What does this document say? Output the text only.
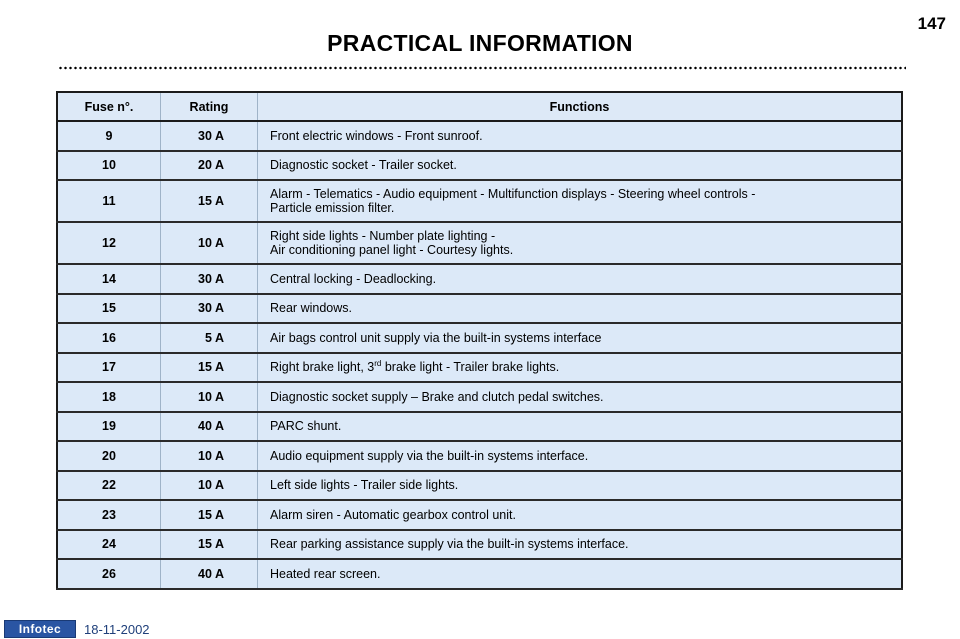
147
PRACTICAL INFORMATION
Fuse n°.	Rating	Functions
9	30 A	Front electric windows - Front sunroof.

10	20 A	Diagnostic socket - Trailer socket.

11	15 A	Alarm - Telematics - Audio equipment - Multifunction displays - Steering wheel controls -
Particle emission filter.

12	10 A	Right side lights - Number plate lighting -
Air conditioning panel light - Courtesy lights.

14	30 A	Central locking - Deadlocking.

15	30 A	Rear windows.

16	5 A	Air bags control unit supply via the built-in systems interface

17	15 A	Right brake light, 3rd brake light - Trailer brake lights.

18	10 A	Diagnostic socket supply – Brake and clutch pedal switches.

19	40 A	PARC shunt.

20	10 A	Audio equipment supply via the built-in systems interface.

22	10 A	Left side lights - Trailer side lights.

23	15 A	Alarm siren - Automatic gearbox control unit.

24	15 A	Rear parking assistance supply via the built-in systems interface.

26	40 A	Heated rear screen.
Infotec	18-11-2002
